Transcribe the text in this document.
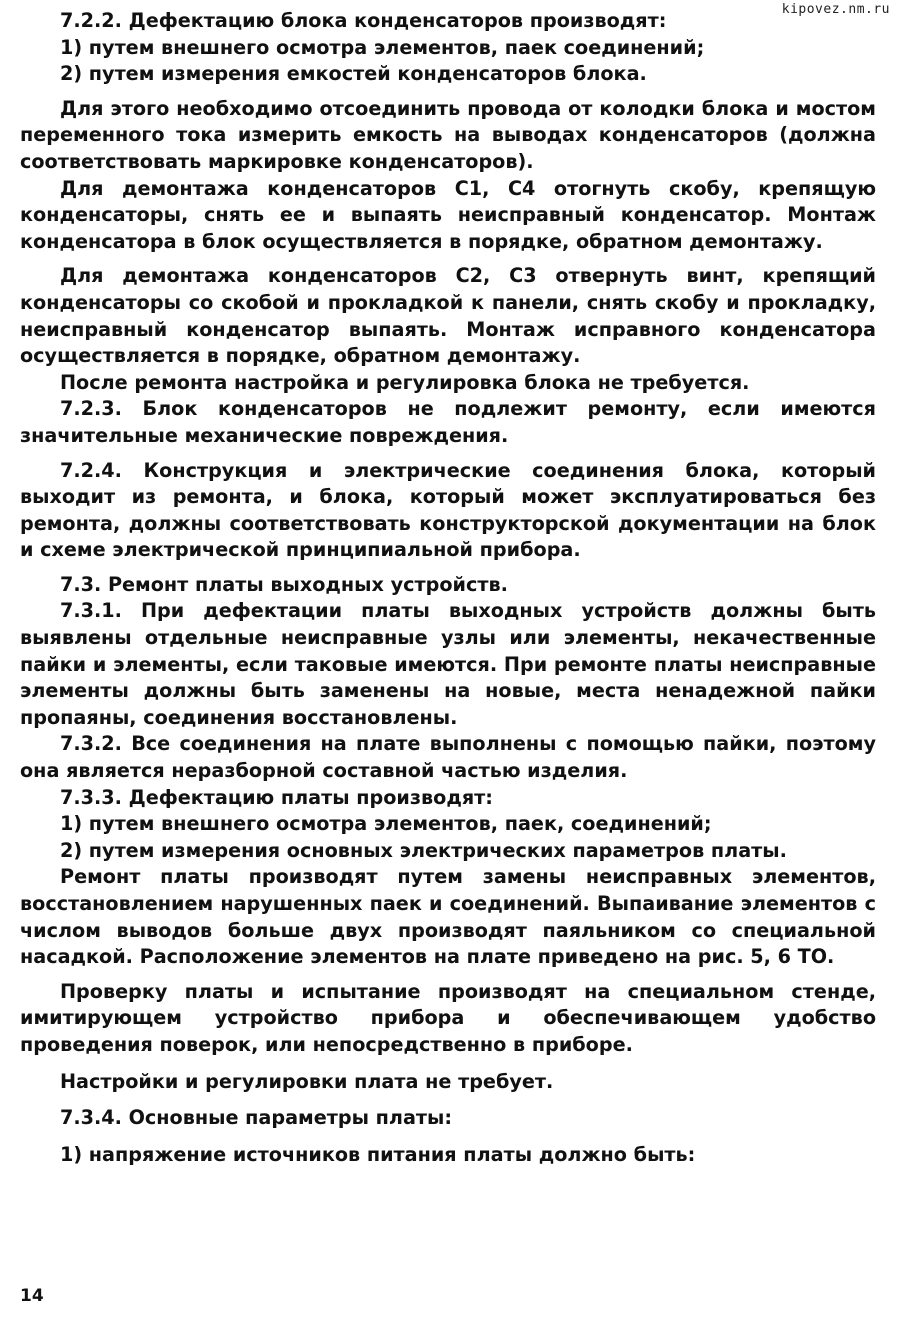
kipovez.nm.ru

7.2.2. Дефектацию блока конденсаторов производят:

1) путем внешнего осмотра элементов, паек соединений;

2) путем измерения емкостей конденсаторов блока.

Для этого необходимо отсоединить провода от колодки блока и мостом переменного тока измерить емкость на выводах конденсаторов (должна соответствовать маркировке конденсаторов).

Для демонтажа конденсаторов С1, С4 отогнуть скобу, крепящую конденсаторы, снять ее и выпаять неисправный конденсатор. Монтаж конденсатора в блок осуществляется в порядке, обратном демонтажу.

Для демонтажа конденсаторов С2, С3 отвернуть винт, крепящий конденсаторы со скобой и прокладкой к панели, снять скобу и прокладку, неисправный конденсатор выпаять. Монтаж исправного конденсатора осуществляется в порядке, обратном демонтажу.

После ремонта настройка и регулировка блока не требуется.

7.2.3. Блок конденсаторов не подлежит ремонту, если имеются значительные механические повреждения.

7.2.4. Конструкция и электрические соединения блока, который выходит из ремонта, и блока, который может эксплуатироваться без ремонта, должны соответствовать конструкторской документации на блок и схеме электрической принципиальной прибора.

7.3. Ремонт платы выходных устройств.

7.3.1. При дефектации платы выходных устройств должны быть выявлены отдельные неисправные узлы или элементы, некачественные пайки и элементы, если таковые имеются. При ремонте платы неисправные элементы должны быть заменены на новые, места ненадежной пайки пропаяны, соединения восстановлены.

7.3.2. Все соединения на плате выполнены с помощью пайки, поэтому она является неразборной составной частью изделия.

7.3.3. Дефектацию платы производят:

1) путем внешнего осмотра элементов, паек, соединений;

2) путем измерения основных электрических параметров платы.

Ремонт платы производят путем замены неисправных элементов, восстановлением нарушенных паек и соединений. Выпаивание элементов с числом выводов больше двух производят паяльником со специальной насадкой. Расположение элементов на плате приведено на рис. 5, 6 ТО.

Проверку платы и испытание производят на специальном стенде, имитирующем устройство прибора и обеспечивающем удобство проведения поверок, или непосредственно в приборе.

Настройки и регулировки плата не требует.

7.3.4. Основные параметры платы:

1) напряжение источников питания платы должно быть:

14
